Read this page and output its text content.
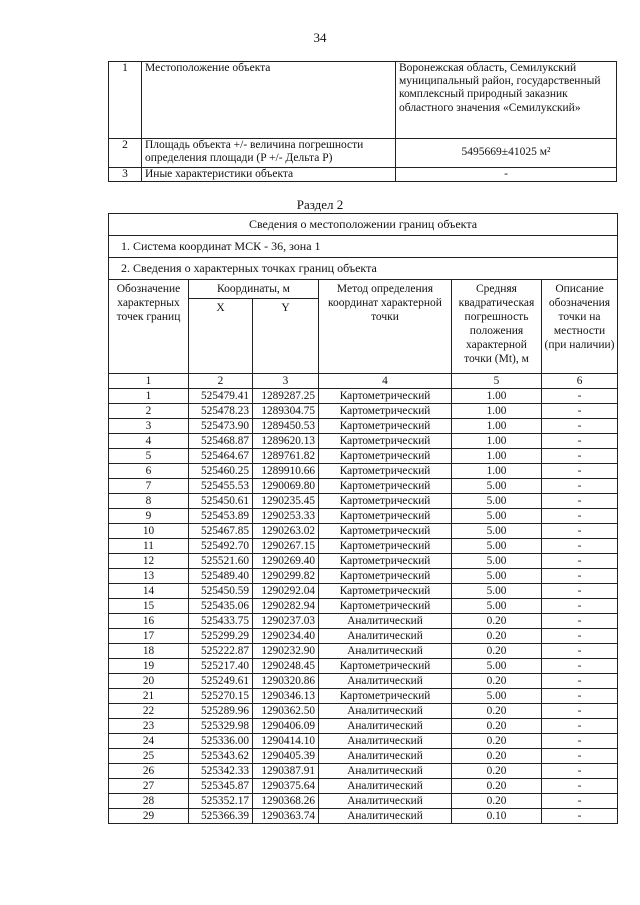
34
1	Местоположение объекта	Воронежская область, Семилукский муниципальный район, государственный комплексный природный заказник областного значения «Семилукский»
2	Площадь объекта +/- величина погрешности определения площади (P +/- Дельта P)	5495669±41025 м²
3	Иные характеристики объекта	-
Раздел 2
Сведения о местоположении границ объекта					
1. Система координат МСК - 36, зона 1					
2. Сведения о характерных точках границ объекта					
Обозначение характерных точек границ	Координаты, м		Метод определения координат характерной точки	Средняя квадратическая погрешность положения характерной точки (Mt), м	Описание обозначения точки на местности (при наличии)
	X	Y			
1	2	3	4	5	6
1	525479.41	1289287.25	Картометрический	1.00	-
2	525478.23	1289304.75	Картометрический	1.00	-
3	525473.90	1289450.53	Картометрический	1.00	-
4	525468.87	1289620.13	Картометрический	1.00	-
5	525464.67	1289761.82	Картометрический	1.00	-
6	525460.25	1289910.66	Картометрический	1.00	-
7	525455.53	1290069.80	Картометрический	5.00	-
8	525450.61	1290235.45	Картометрический	5.00	-
9	525453.89	1290253.33	Картометрический	5.00	-
10	525467.85	1290263.02	Картометрический	5.00	-
11	525492.70	1290267.15	Картометрический	5.00	-
12	525521.60	1290269.40	Картометрический	5.00	-
13	525489.40	1290299.82	Картометрический	5.00	-
14	525450.59	1290292.04	Картометрический	5.00	-
15	525435.06	1290282.94	Картометрический	5.00	-
16	525433.75	1290237.03	Аналитический	0.20	-
17	525299.29	1290234.40	Аналитический	0.20	-
18	525222.87	1290232.90	Аналитический	0.20	-
19	525217.40	1290248.45	Картометрический	5.00	-
20	525249.61	1290320.86	Аналитический	0.20	-
21	525270.15	1290346.13	Картометрический	5.00	-
22	525289.96	1290362.50	Аналитический	0.20	-
23	525329.98	1290406.09	Аналитический	0.20	-
24	525336.00	1290414.10	Аналитический	0.20	-
25	525343.62	1290405.39	Аналитический	0.20	-
26	525342.33	1290387.91	Аналитический	0.20	-
27	525345.87	1290375.64	Аналитический	0.20	-
28	525352.17	1290368.26	Аналитический	0.20	-
29	525366.39	1290363.74	Аналитический	0.10	-
